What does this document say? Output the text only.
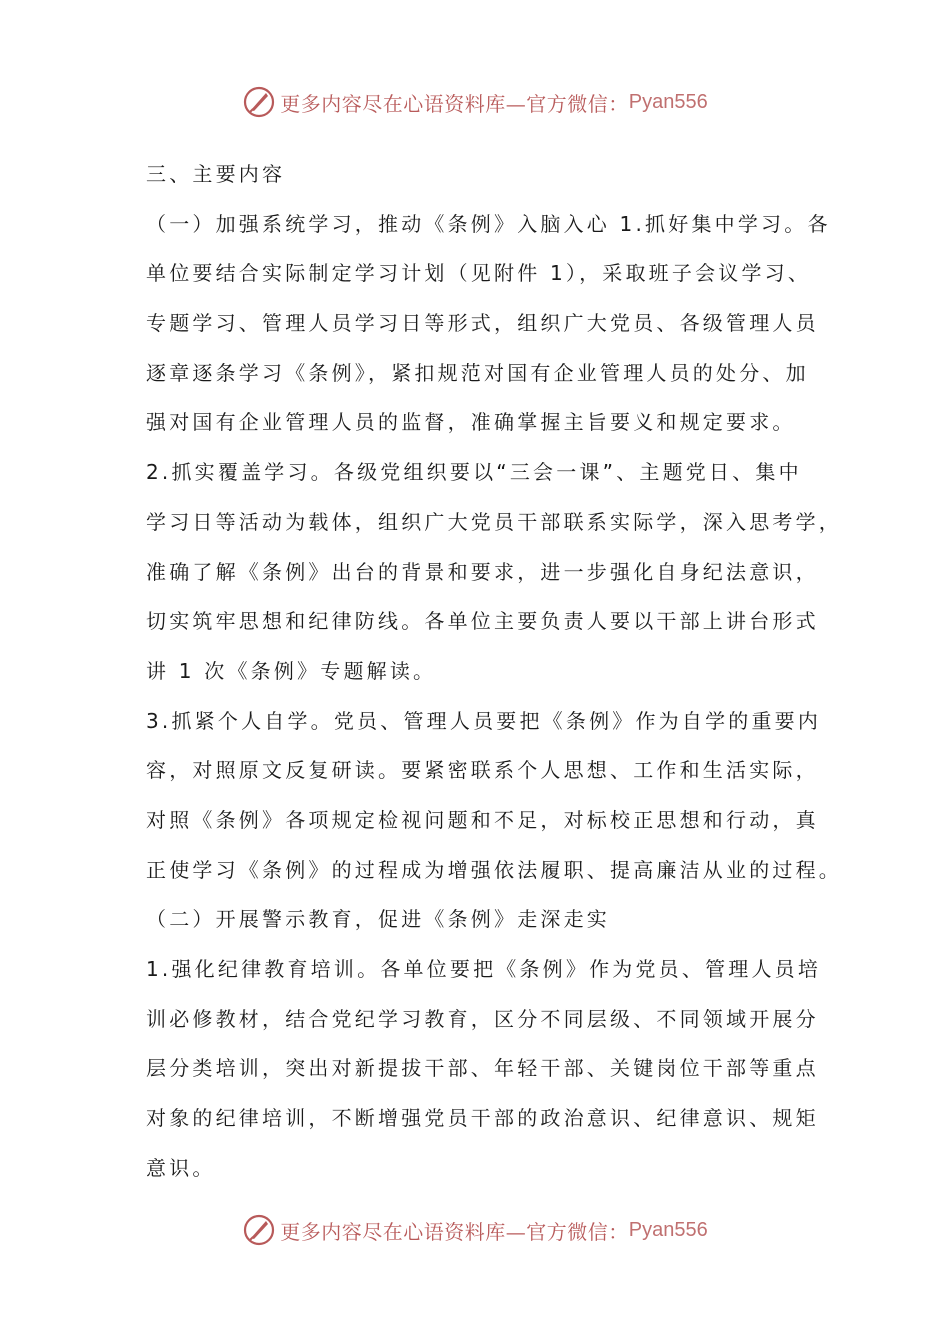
更多内容尽在心语资料库—官方微信： Pyan556
三、主要内容
（一）加强系统学习，推动《条例》入脑入心 1.抓好集中学习。各
单位要结合实际制定学习计划（见附件 1），采取班子会议学习、
专题学习、管理人员学习日等形式，组织广大党员、各级管理人员
逐章逐条学习《条例》，紧扣规范对国有企业管理人员的处分、加
强对国有企业管理人员的监督，准确掌握主旨要义和规定要求。
2.抓实覆盖学习。各级党组织要以“三会一课”、主题党日、集中
学习日等活动为载体，组织广大党员干部联系实际学，深入思考学，
准确了解《条例》出台的背景和要求，进一步强化自身纪法意识，
切实筑牢思想和纪律防线。各单位主要负责人要以干部上讲台形式
讲 1 次《条例》专题解读。
3.抓紧个人自学。党员、管理人员要把《条例》作为自学的重要内
容，对照原文反复研读。要紧密联系个人思想、工作和生活实际，
对照《条例》各项规定检视问题和不足，对标校正思想和行动，真
正使学习《条例》的过程成为增强依法履职、提高廉洁从业的过程。
（二）开展警示教育，促进《条例》走深走实
1.强化纪律教育培训。各单位要把《条例》作为党员、管理人员培
训必修教材，结合党纪学习教育，区分不同层级、不同领域开展分
层分类培训，突出对新提拔干部、年轻干部、关键岗位干部等重点
对象的纪律培训，不断增强党员干部的政治意识、纪律意识、规矩
意识。
更多内容尽在心语资料库—官方微信： Pyan556
